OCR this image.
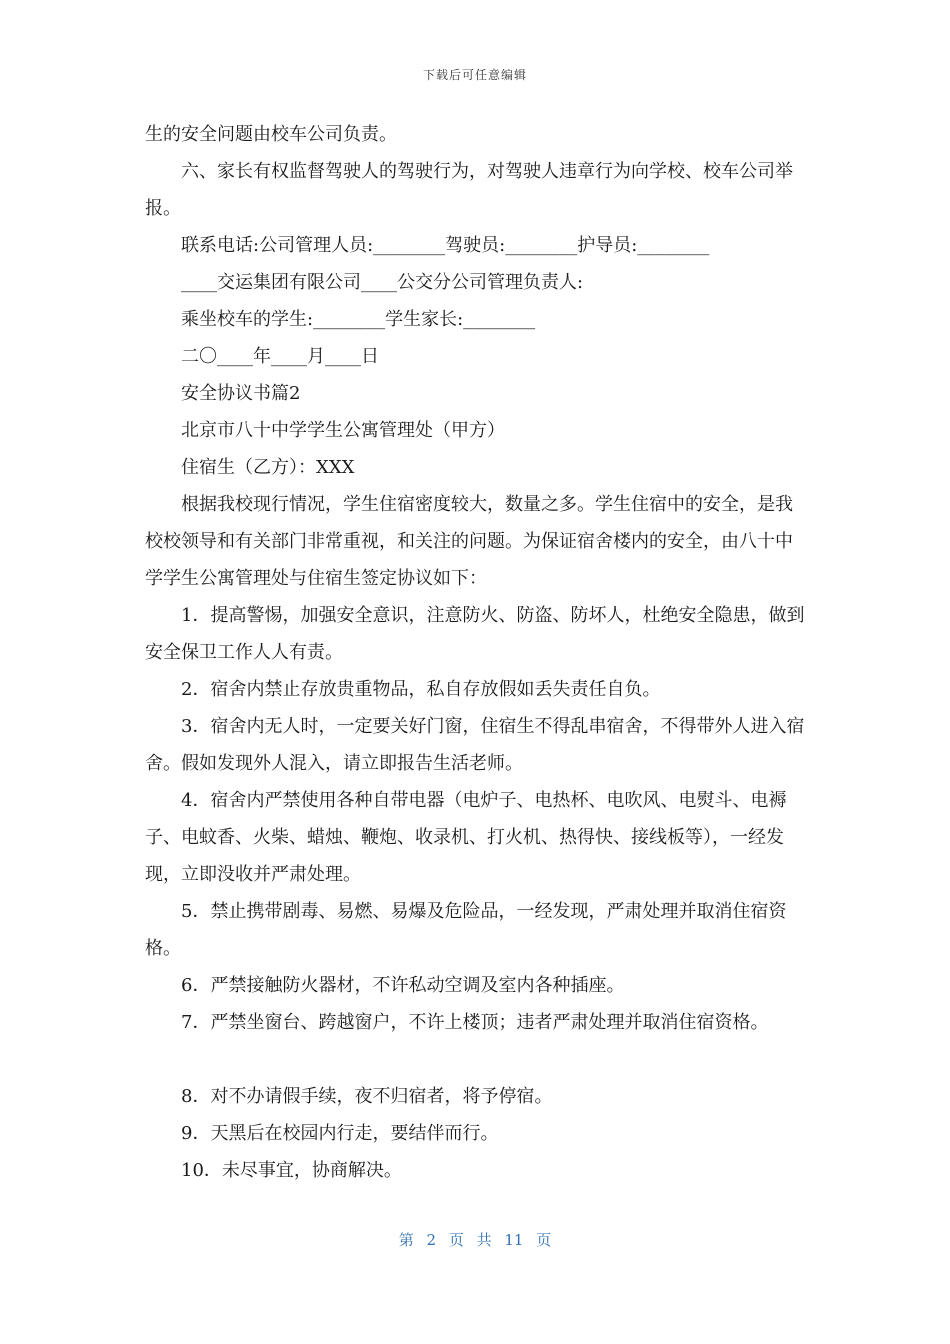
下载后可任意编辑

生的安全问题由校车公司负责。

六、家长有权监督驾驶人的驾驶行为，对驾驶人违章行为向学校、校车公司举报。

联系电话:公司管理人员:________驾驶员:________护导员:________

____交运集团有限公司____公交分公司管理负责人:

乘坐校车的学生:________学生家长:________

二〇____年____月____日

安全协议书篇2

北京市八十中学学生公寓管理处（甲方）

住宿生（乙方）：XXX

根据我校现行情况，学生住宿密度较大，数量之多。学生住宿中的安全，是我校校领导和有关部门非常重视，和关注的问题。为保证宿舍楼内的安全，由八十中学学生公寓管理处与住宿生签定协议如下：

1．提高警惕，加强安全意识，注意防火、防盗、防坏人，杜绝安全隐患，做到安全保卫工作人人有责。

2．宿舍内禁止存放贵重物品，私自存放假如丢失责任自负。

3．宿舍内无人时，一定要关好门窗，住宿生不得乱串宿舍，不得带外人进入宿舍。假如发现外人混入，请立即报告生活老师。

4．宿舍内严禁使用各种自带电器（电炉子、电热杯、电吹风、电熨斗、电褥子、电蚊香、火柴、蜡烛、鞭炮、收录机、打火机、热得快、接线板等），一经发现，立即没收并严肃处理。

5．禁止携带剧毒、易燃、易爆及危险品，一经发现，严肃处理并取消住宿资格。

6．严禁接触防火器材，不许私动空调及室内各种插座。

7．严禁坐窗台、跨越窗户，不许上楼顶；违者严肃处理并取消住宿资格。

8．对不办请假手续，夜不归宿者，将予停宿。

9．天黑后在校园内行走，要结伴而行。

10．未尽事宜，协商解决。

第 2 页 共 11 页
